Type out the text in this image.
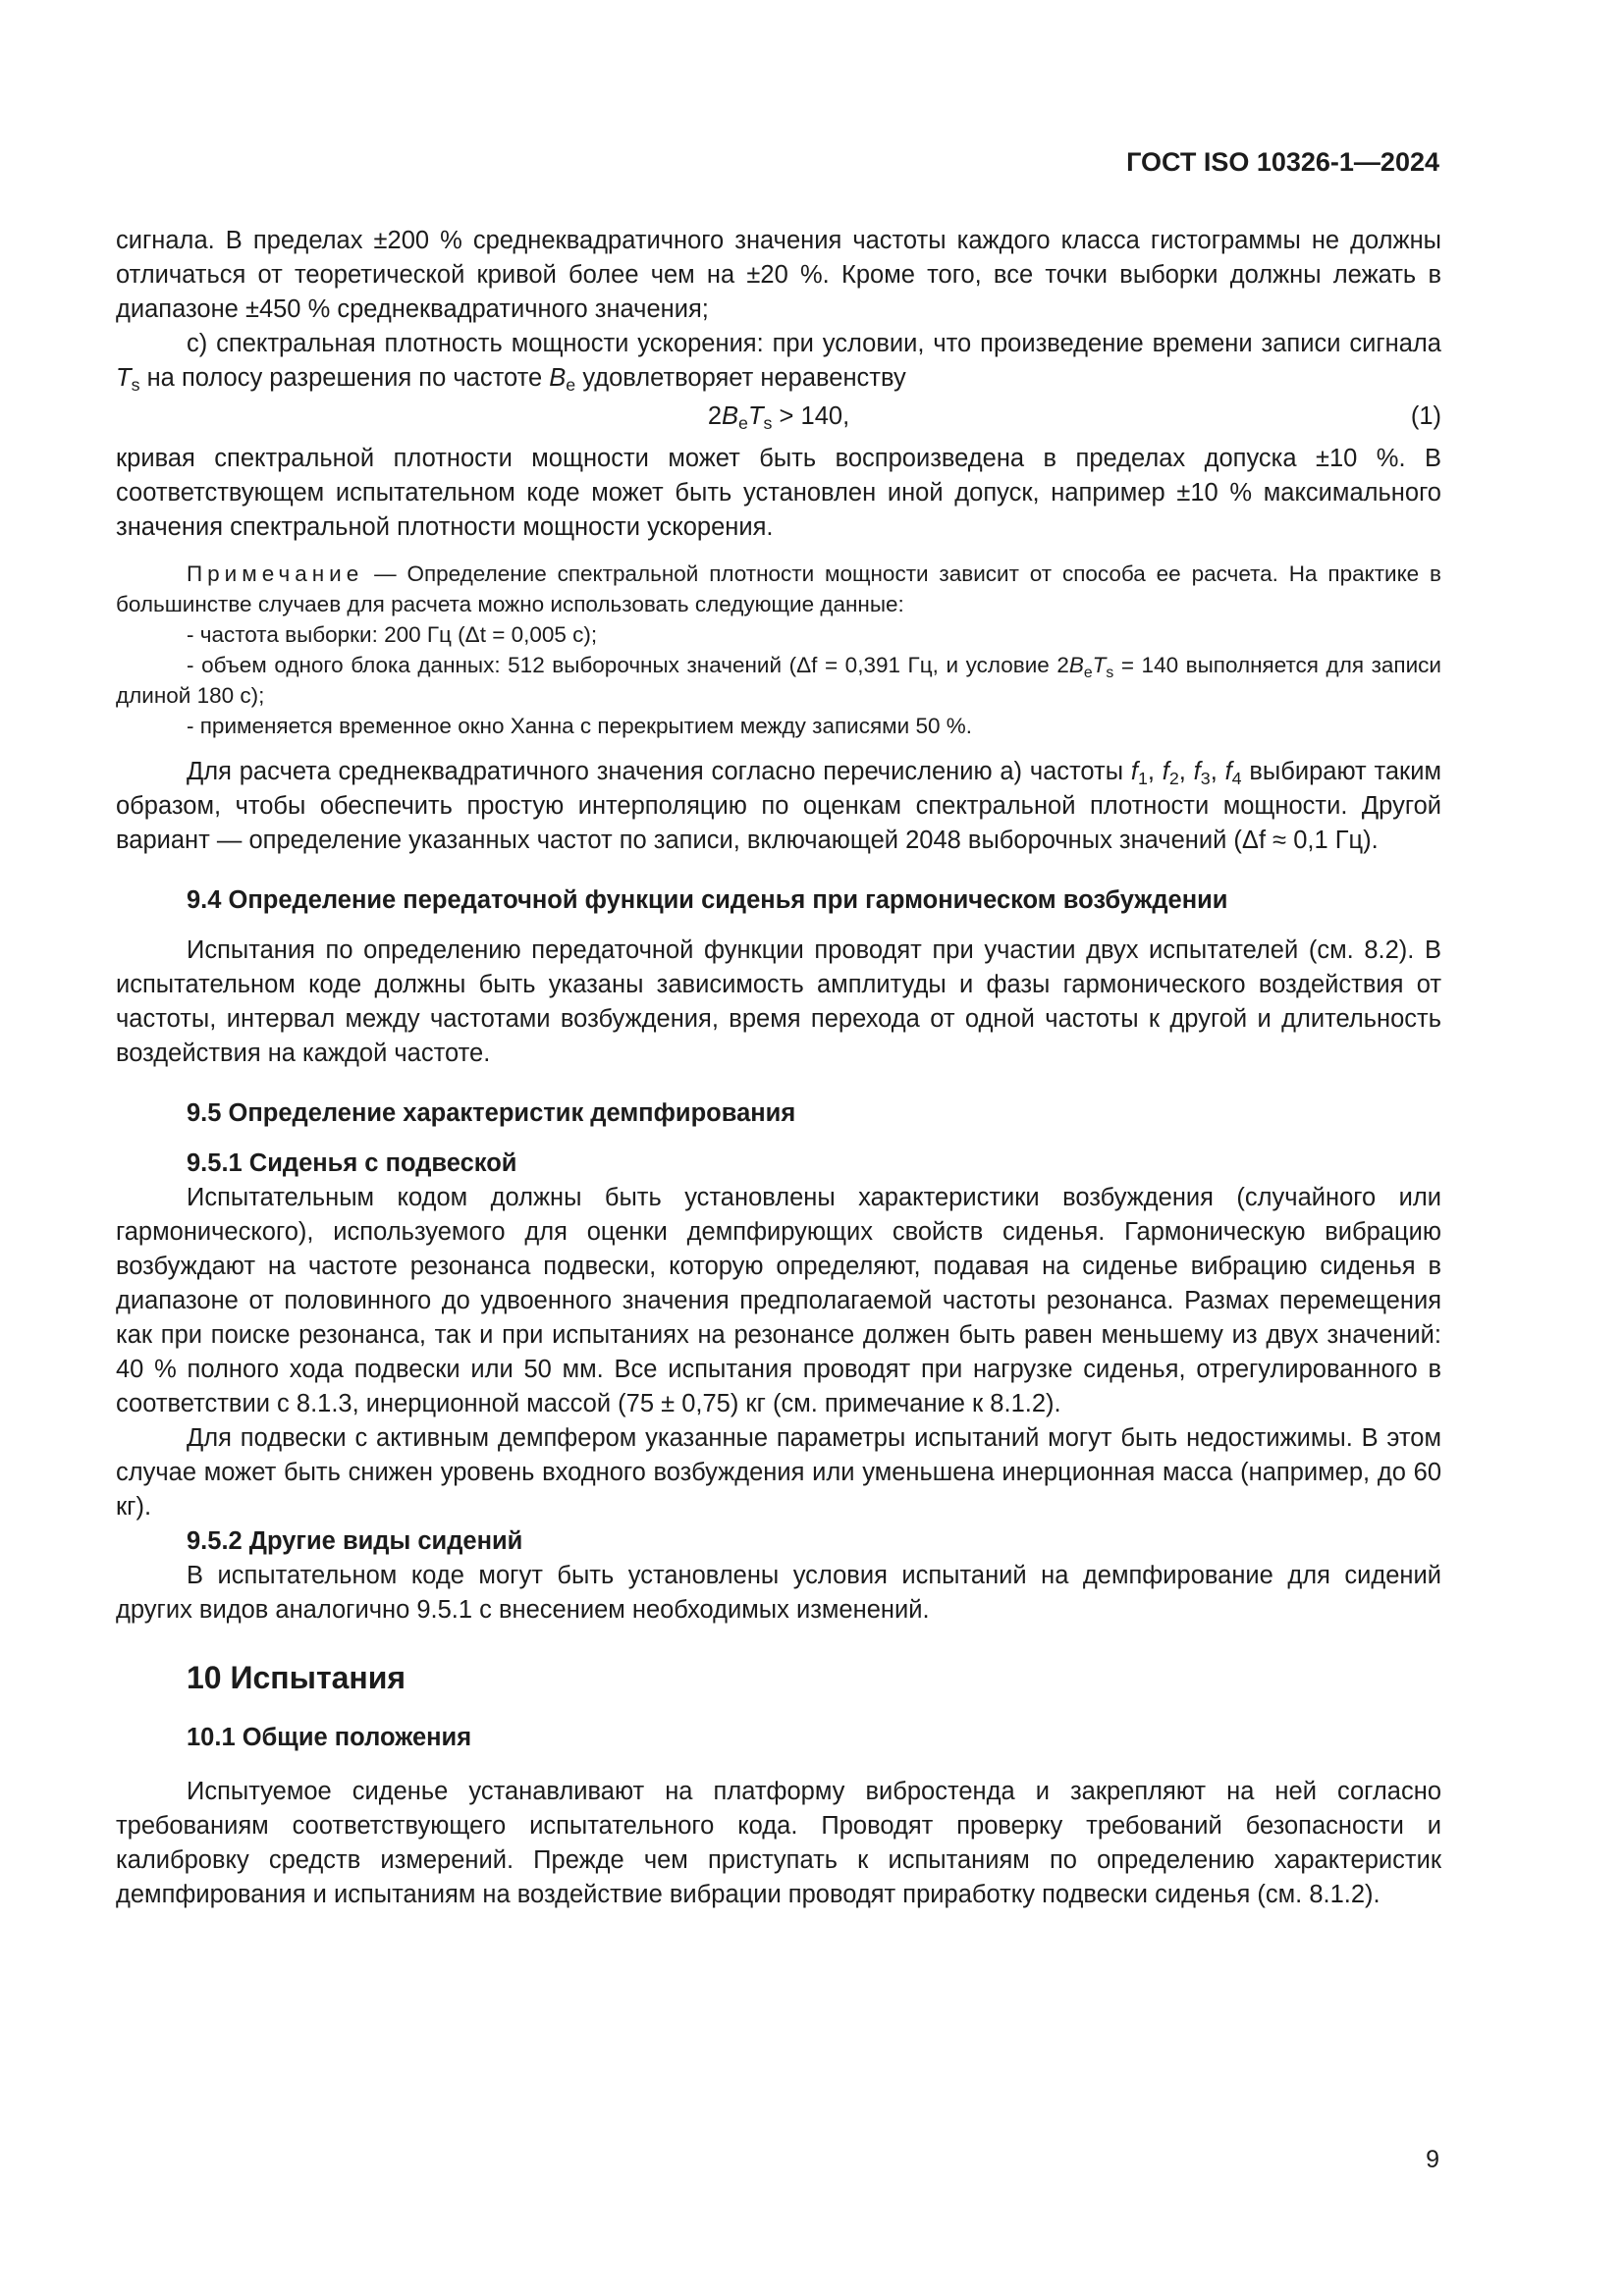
ГОСТ ISO 10326-1—2024

сигнала. В пределах ±200 % среднеквадратичного значения частоты каждого класса гистограммы не должны отличаться от теоретической кривой более чем на ±20 %. Кроме того, все точки выборки должны лежать в диапазоне ±450 % среднеквадратичного значения;

с) спектральная плотность мощности ускорения: при условии, что произведение времени записи сигнала $T_s$ на полосу разрешения по частоте $B_e$ удовлетворяет неравенству

$2B_eT_s > 140$,	(1)

кривая спектральной плотности мощности может быть воспроизведена в пределах допуска ±10 %. В соответствующем испытательном коде может быть установлен иной допуск, например ±10 % максимального значения спектральной плотности мощности ускорения.

Примечание — Определение спектральной плотности мощности зависит от способа ее расчета. На практике в большинстве случаев для расчета можно использовать следующие данные:

- частота выборки: 200 Гц (Δt = 0,005 с);

- объем одного блока данных: 512 выборочных значений (Δf = 0,391 Гц, и условие $2B_eT_s = 140$ выполняется для записи длиной 180 с);

- применяется временное окно Ханна с перекрытием между записями 50 %.

Для расчета среднеквадратичного значения согласно перечислению а) частоты $f_1$, $f_2$, $f_3$, $f_4$ выбирают таким образом, чтобы обеспечить простую интерполяцию по оценкам спектральной плотности мощности. Другой вариант — определение указанных частот по записи, включающей 2048 выборочных значений (Δf ≈ 0,1 Гц).

9.4 Определение передаточной функции сиденья при гармоническом возбуждении

Испытания по определению передаточной функции проводят при участии двух испытателей (см. 8.2). В испытательном коде должны быть указаны зависимость амплитуды и фазы гармонического воздействия от частоты, интервал между частотами возбуждения, время перехода от одной частоты к другой и длительность воздействия на каждой частоте.

9.5 Определение характеристик демпфирования
9.5.1 Сиденья с подвеской

Испытательным кодом должны быть установлены характеристики возбуждения (случайного или гармонического), используемого для оценки демпфирующих свойств сиденья. Гармоническую вибрацию возбуждают на частоте резонанса подвески, которую определяют, подавая на сиденье вибрацию сиденья в диапазоне от половинного до удвоенного значения предполагаемой частоты резонанса. Размах перемещения как при поиске резонанса, так и при испытаниях на резонансе должен быть равен меньшему из двух значений: 40 % полного хода подвески или 50 мм. Все испытания проводят при нагрузке сиденья, отрегулированного в соответствии с 8.1.3, инерционной массой (75 ± 0,75) кг (см. примечание к 8.1.2).

Для подвески с активным демпфером указанные параметры испытаний могут быть недостижимы. В этом случае может быть снижен уровень входного возбуждения или уменьшена инерционная масса (например, до 60 кг).

9.5.2 Другие виды сидений

В испытательном коде могут быть установлены условия испытаний на демпфирование для сидений других видов аналогично 9.5.1 с внесением необходимых изменений.

10 Испытания
10.1 Общие положения

Испытуемое сиденье устанавливают на платформу вибростенда и закрепляют на ней согласно требованиям соответствующего испытательного кода. Проводят проверку требований безопасности и калибровку средств измерений. Прежде чем приступать к испытаниям по определению характеристик демпфирования и испытаниям на воздействие вибрации проводят приработку подвески сиденья (см. 8.1.2).

9
